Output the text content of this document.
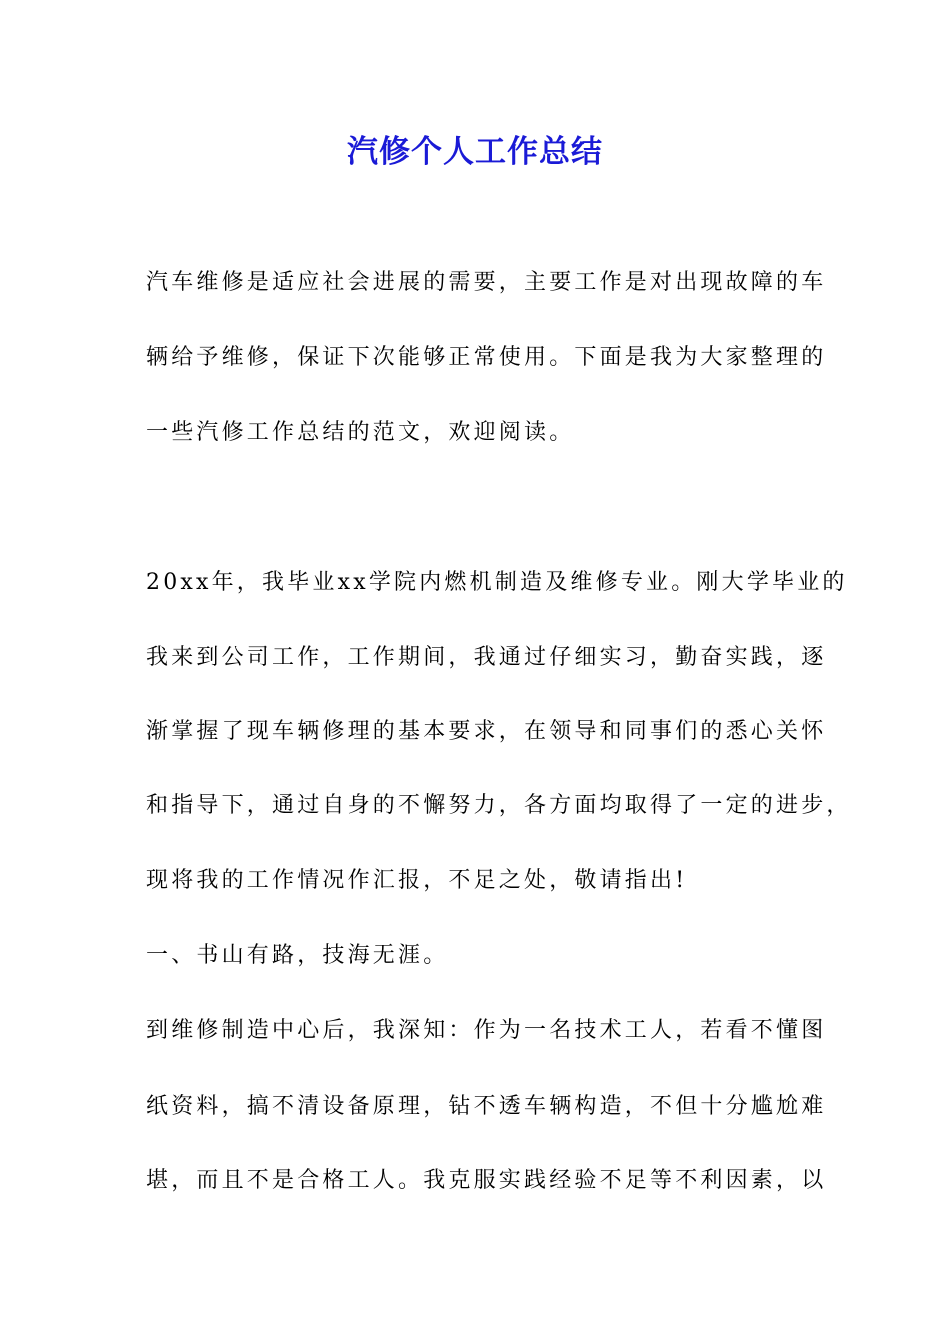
汽修个人工作总结
汽车维修是适应社会进展的需要，主要工作是对出现故障的车
辆给予维修，保证下次能够正常使用。下面是我为大家整理的
一些汽修工作总结的范文，欢迎阅读。
20xx年，我毕业xx学院内燃机制造及维修专业。刚大学毕业的
我来到公司工作，工作期间，我通过仔细实习，勤奋实践，逐
渐掌握了现车辆修理的基本要求，在领导和同事们的悉心关怀
和指导下，通过自身的不懈努力，各方面均取得了一定的进步，
现将我的工作情况作汇报，不足之处，敬请指出!
一、书山有路，技海无涯。
到维修制造中心后，我深知：作为一名技术工人，若看不懂图
纸资料，搞不清设备原理，钻不透车辆构造，不但十分尴尬难
堪，而且不是合格工人。我克服实践经验不足等不利因素，以
